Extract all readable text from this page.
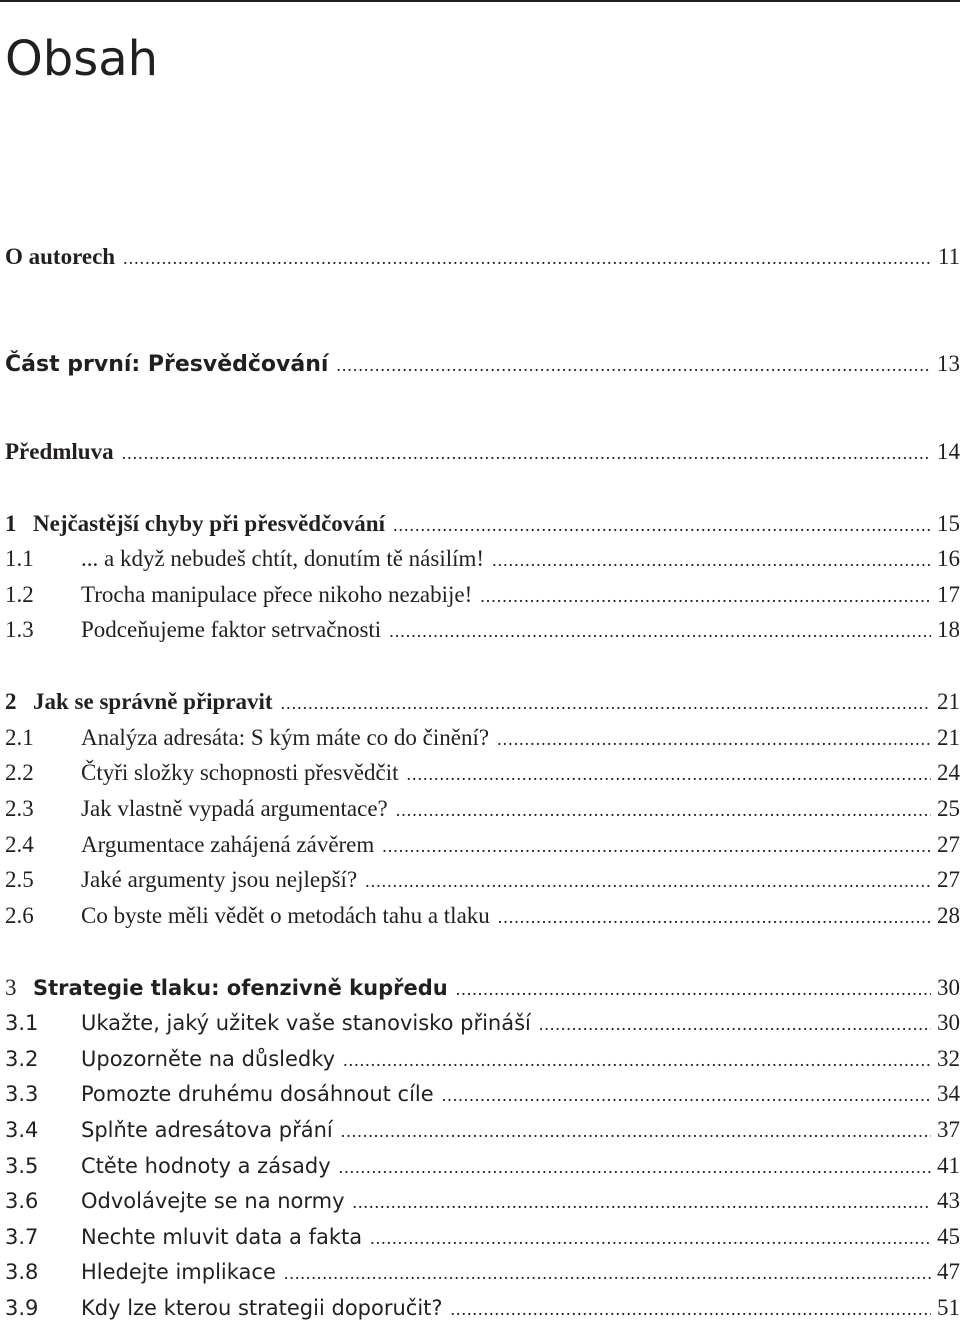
Obsah
O autorech .....	11
Část první: Přesvědčování .....	13
Předmluva .....	14
1 Nejčastější chyby při přesvědčování .....	15
1.1	... a když nebudeš chtít, donutím tě násilím! .....	16
1.2	Trocha manipulace přece nikoho nezabije! .....	17
1.3	Podceňujeme faktor setrvačnosti .....	18
2 Jak se správně připravit .....	21
2.1	Analýza adresáta: S kým máte co do činění? .....	21
2.2	Čtyři složky schopnosti přesvědčit .....	24
2.3	Jak vlastně vypadá argumentace? .....	25
2.4	Argumentace zahájená závěrem .....	27
2.5	Jaké argumenty jsou nejlepší? .....	27
2.6	Co byste měli vědět o metodách tahu a tlaku .....	28
3 Strategie tlaku: ofenzivně kupředu .....	30
3.1	Ukažte, jaký užitek vaše stanovisko přináší .....	30
3.2	Upozorněte na důsledky .....	32
3.3	Pomozte druhému dosáhnout cíle .....	34
3.4	Splňte adresátova přání .....	37
3.5	Ctěte hodnoty a zásady .....	41
3.6	Odvolávejte se na normy .....	43
3.7	Nechte mluvit data a fakta .....	45
3.8	Hledejte implikace .....	47
3.9	Kdy lze kterou strategii doporučit? .....	51
